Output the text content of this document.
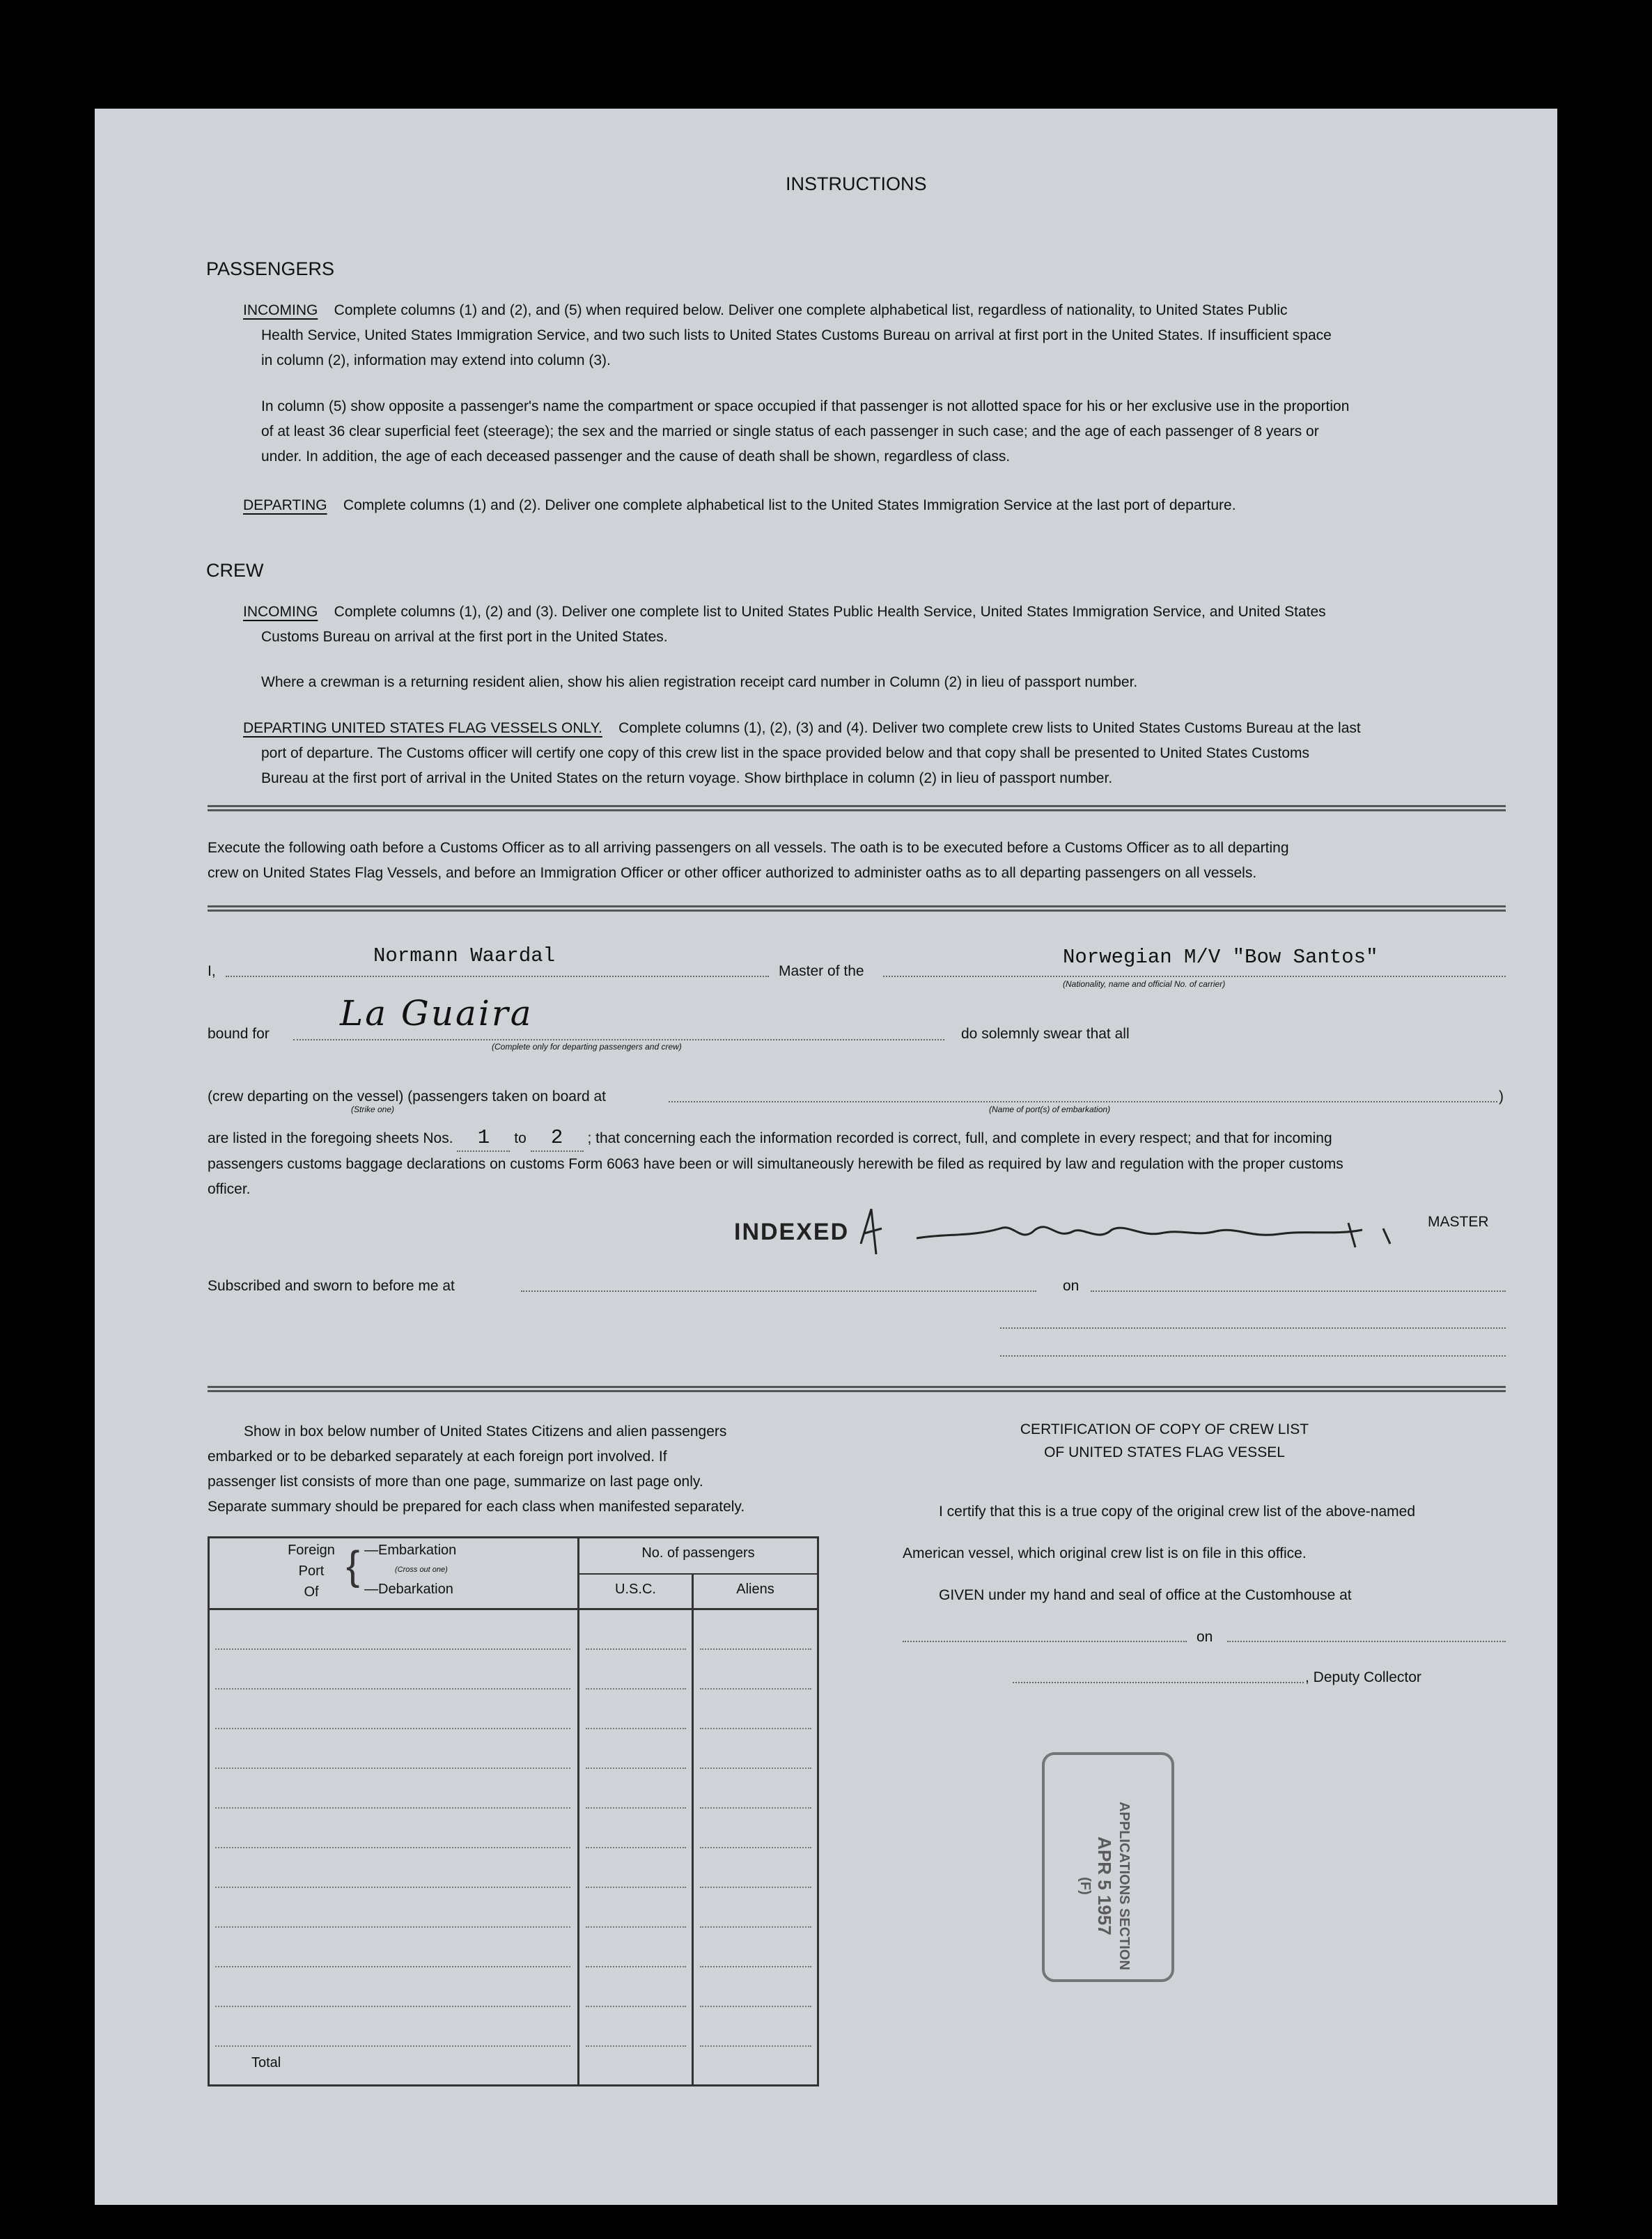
INSTRUCTIONS
PASSENGERS
INCOMING Complete columns (1) and (2), and (5) when required below. Deliver one complete alphabetical list, regardless of nationality, to United States Public
Health Service, United States Immigration Service, and two such lists to United States Customs Bureau on arrival at first port in the United States. If insufficient space
in column (2), information may extend into column (3).
In column (5) show opposite a passenger's name the compartment or space occupied if that passenger is not allotted space for his or her exclusive use in the proportion
of at least 36 clear superficial feet (steerage); the sex and the married or single status of each passenger in such case; and the age of each passenger of 8 years or
under. In addition, the age of each deceased passenger and the cause of death shall be shown, regardless of class.
DEPARTING Complete columns (1) and (2). Deliver one complete alphabetical list to the United States Immigration Service at the last port of departure.
CREW
INCOMING Complete columns (1), (2) and (3). Deliver one complete list to United States Public Health Service, United States Immigration Service, and United States
Customs Bureau on arrival at the first port in the United States.
Where a crewman is a returning resident alien, show his alien registration receipt card number in Column (2) in lieu of passport number.
DEPARTING UNITED STATES FLAG VESSELS ONLY. Complete columns (1), (2), (3) and (4). Deliver two complete crew lists to United States Customs Bureau at the last
port of departure. The Customs officer will certify one copy of this crew list in the space provided below and that copy shall be presented to United States Customs
Bureau at the first port of arrival in the United States on the return voyage. Show birthplace in column (2) in lieu of passport number.
Execute the following oath before a Customs Officer as to all arriving passengers on all vessels. The oath is to be executed before a Customs Officer as to all departing
crew on United States Flag Vessels, and before an Immigration Officer or other officer authorized to administer oaths as to all departing passengers on all vessels.
I,
Normann Waardal
Master of the
Norwegian M/V "Bow Santos"
(Nationality, name and official No. of carrier)
bound for
La Guaira
(Complete only for departing passengers and crew)
do solemnly swear that all
(crew departing on the vessel) (passengers taken on board at	)
(Strike one)	(Name of port(s) of embarkation)
are listed in the foregoing sheets Nos. 1 to 2 ; that concerning each the information recorded is correct, full, and complete in every respect; and that for incoming
passengers customs baggage declarations on customs Form 6063 have been or will simultaneously herewith be filed as required by law and regulation with the proper customs
officer.
INDEXED	MASTER
Subscribed and sworn to before me at	on
Show in box below number of United States Citizens and alien passengers
embarked or to be debarked separately at each foreign port involved. If
passenger list consists of more than one page, summarize on last page only.
Separate summary should be prepared for each class when manifested separately.
Foreign
Port
Of
{ —Embarkation
(Cross out one)
—Debarkation
No. of passengers
U.S.C.	Aliens
Total
CERTIFICATION OF COPY OF CREW LIST
OF UNITED STATES FLAG VESSEL
I certify that this is a true copy of the original crew list of the above-named
American vessel, which original crew list is on file in this office.
GIVEN under my hand and seal of office at the Customhouse at
on
, Deputy Collector
APPLICATIONS SECTION
APR 5 1957
(F)
